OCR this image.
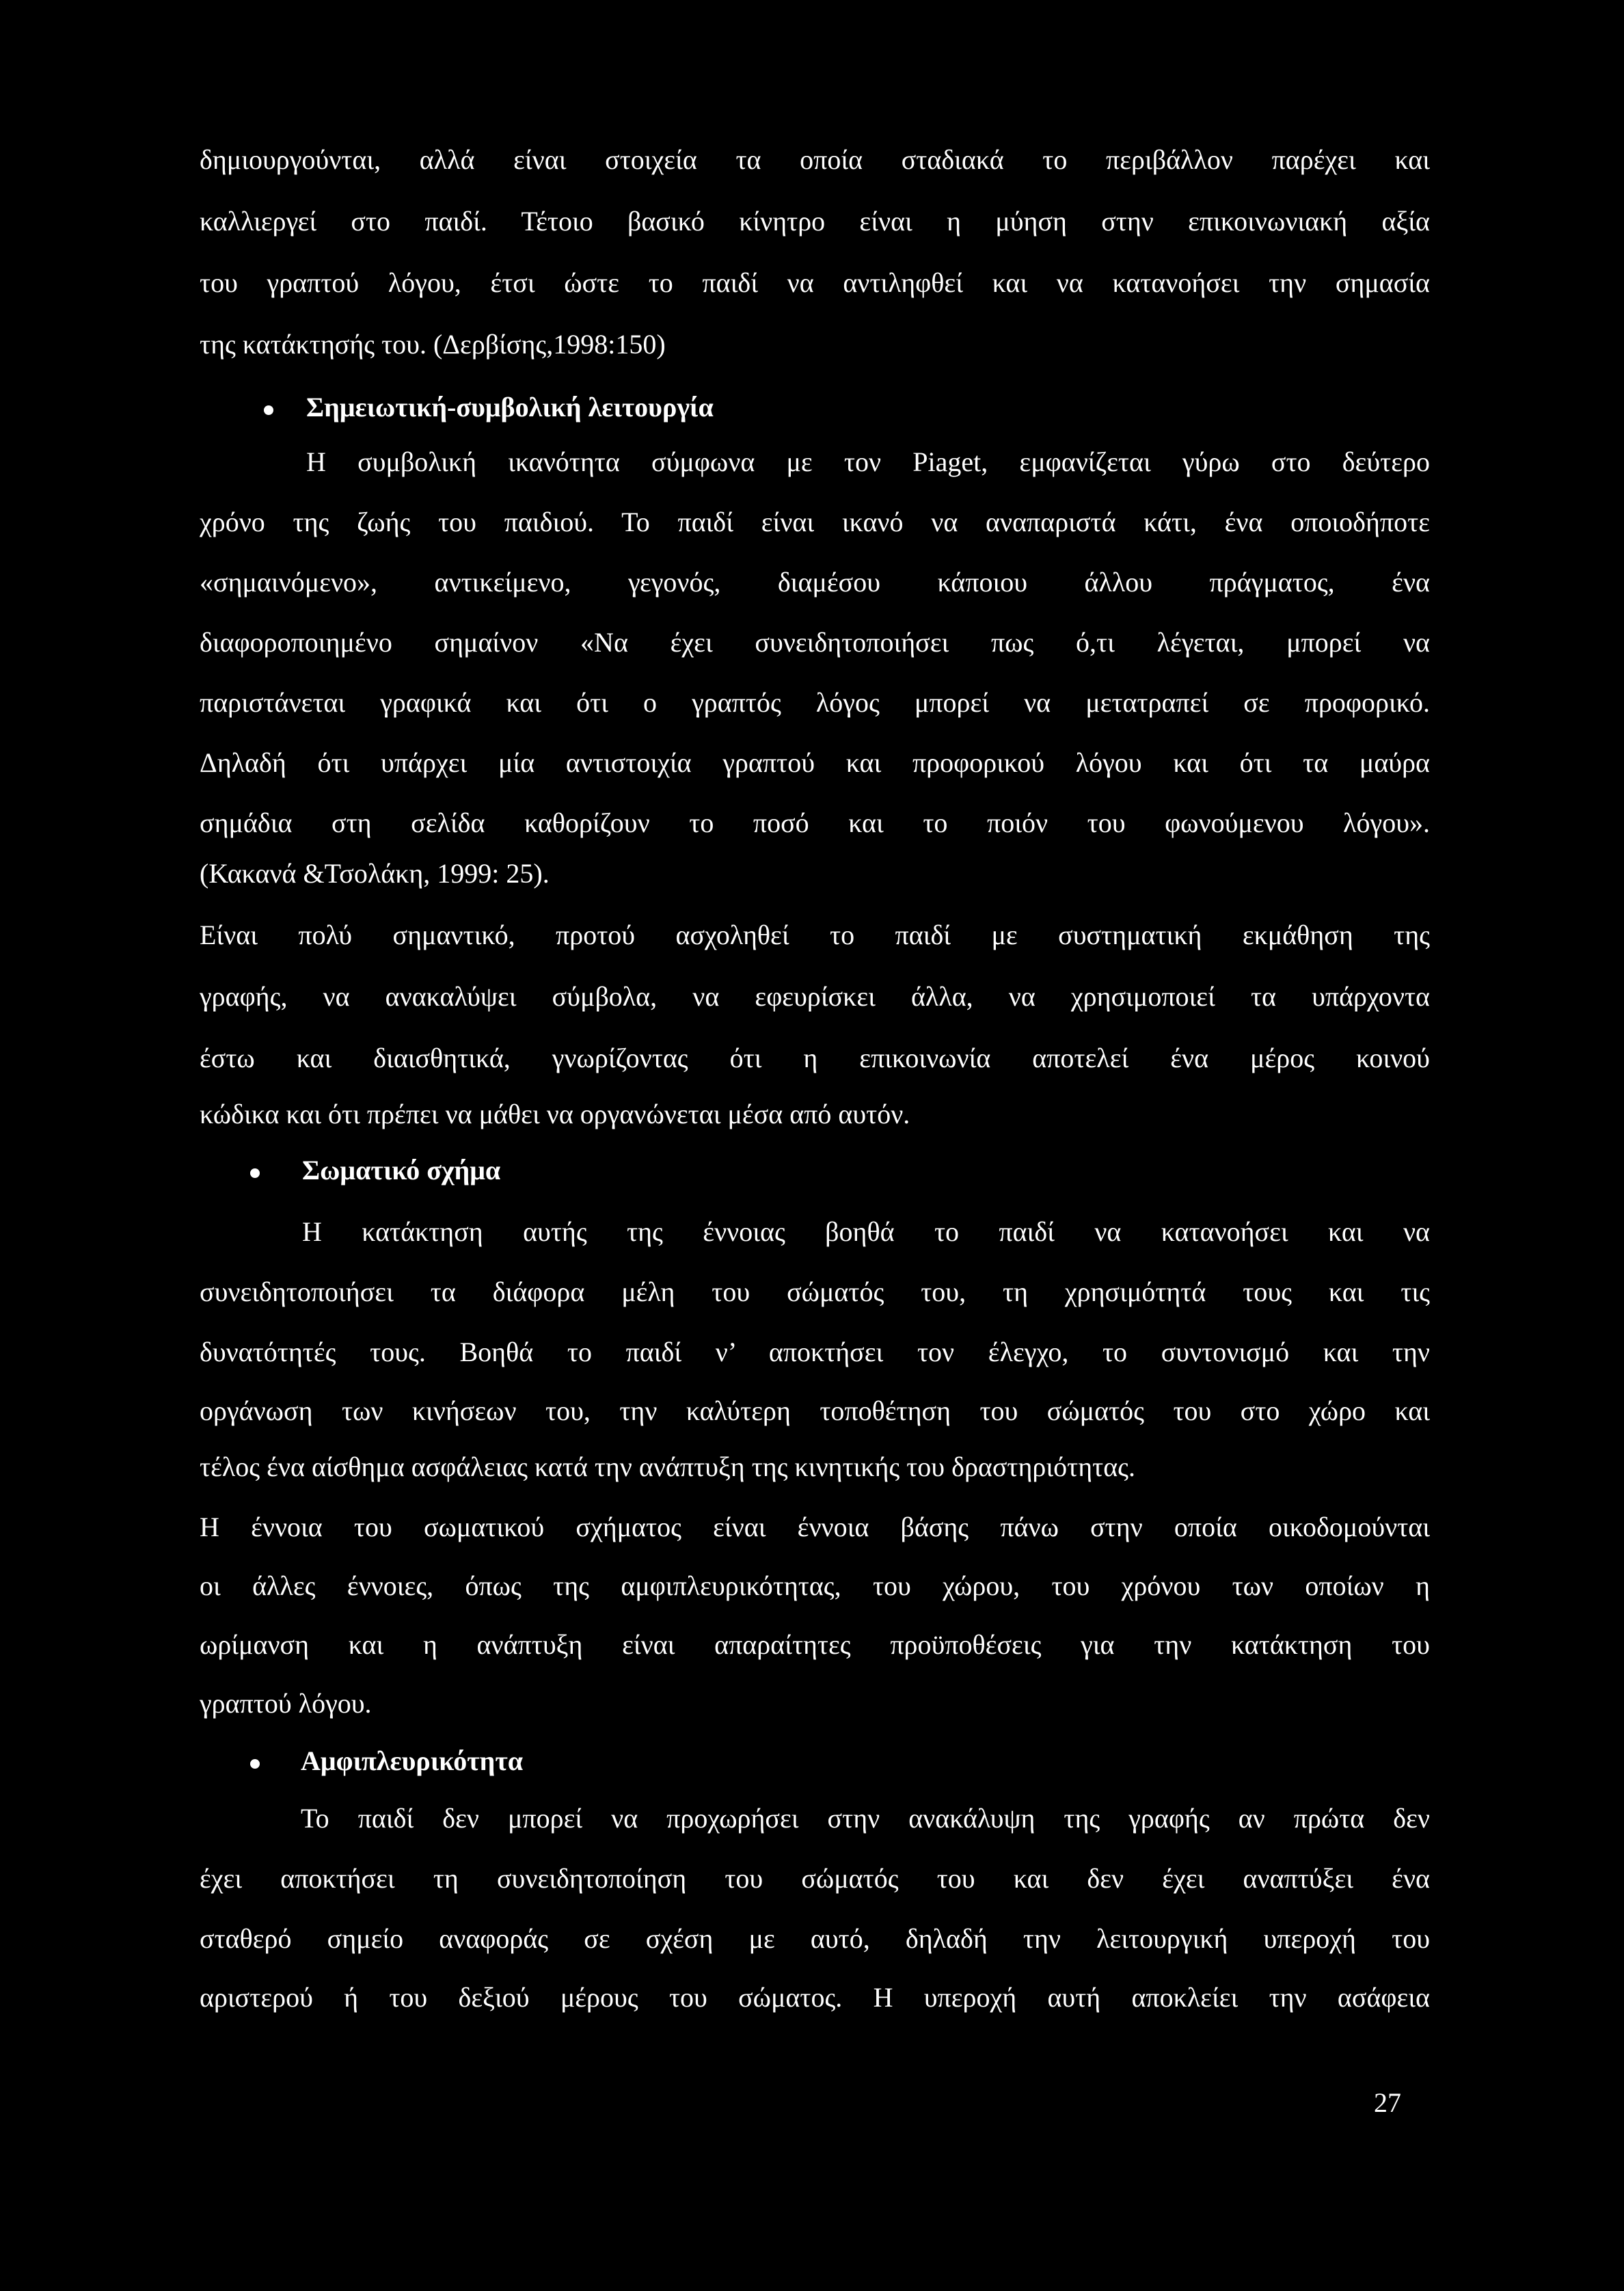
δημιουργούνται, αλλά είναι στοιχεία τα οποία σταδιακά το περιβάλλον παρέχει και
καλλιεργεί στο παιδί. Τέτοιο βασικό κίνητρο είναι η μύηση στην επικοινωνιακή αξία
του γραπτού λόγου, έτσι ώστε το παιδί να αντιληφθεί και να κατανοήσει την σημασία
της κατάκτησής του. (Δερβίσης,1998:150)
Σημειωτική-συμβολική λειτουργία
Η συμβολική ικανότητα σύμφωνα με τον Piaget, εμφανίζεται γύρω στο δεύτερο
χρόνο της ζωής του παιδιού. Το παιδί είναι ικανό να αναπαριστά κάτι, ένα οποιοδήποτε
«σημαινόμενο», αντικείμενο, γεγονός, διαμέσου κάποιου άλλου πράγματος, ένα
διαφοροποιημένο σημαίνον «Να έχει συνειδητοποιήσει πως ό,τι λέγεται, μπορεί να
παριστάνεται γραφικά και ότι ο γραπτός λόγος μπορεί να μετατραπεί σε προφορικό.
Δηλαδή ότι υπάρχει μία αντιστοιχία γραπτού και προφορικού λόγου και ότι τα μαύρα
σημάδια στη σελίδα καθορίζουν το ποσό και το ποιόν του φωνούμενου λόγου».
(Κακανά &Τσολάκη, 1999: 25).
Είναι πολύ σημαντικό, προτού ασχοληθεί το παιδί με συστηματική εκμάθηση της
γραφής, να ανακαλύψει σύμβολα, να εφευρίσκει άλλα, να χρησιμοποιεί τα υπάρχοντα
έστω και διαισθητικά, γνωρίζοντας ότι η επικοινωνία αποτελεί ένα μέρος κοινού
κώδικα και ότι πρέπει να μάθει να οργανώνεται μέσα από αυτόν.
Σωματικό σχήμα
Η κατάκτηση αυτής της έννοιας βοηθά το παιδί να κατανοήσει και να
συνειδητοποιήσει τα διάφορα μέλη του σώματός του, τη χρησιμότητά τους και τις
δυνατότητές τους. Βοηθά το παιδί ν’ αποκτήσει τον έλεγχο, το συντονισμό και την
οργάνωση των κινήσεων του, την καλύτερη τοποθέτηση του σώματός του στο χώρο και
τέλος ένα αίσθημα ασφάλειας κατά την ανάπτυξη της κινητικής του δραστηριότητας.
Η έννοια του σωματικού σχήματος είναι έννοια βάσης πάνω στην οποία οικοδομούνται
οι άλλες έννοιες, όπως της αμφιπλευρικότητας, του χώρου, του χρόνου των οποίων η
ωρίμανση και η ανάπτυξη είναι απαραίτητες προϋποθέσεις για την κατάκτηση του
γραπτού λόγου.
Αμφιπλευρικότητα
Το παιδί δεν μπορεί να προχωρήσει στην ανακάλυψη της γραφής αν πρώτα δεν
έχει αποκτήσει τη συνειδητοποίηση του σώματός του και δεν έχει αναπτύξει ένα
σταθερό σημείο αναφοράς σε σχέση με αυτό, δηλαδή την λειτουργική υπεροχή του
αριστερού ή του δεξιού μέρους του σώματος. Η υπεροχή αυτή αποκλείει την ασάφεια
27
